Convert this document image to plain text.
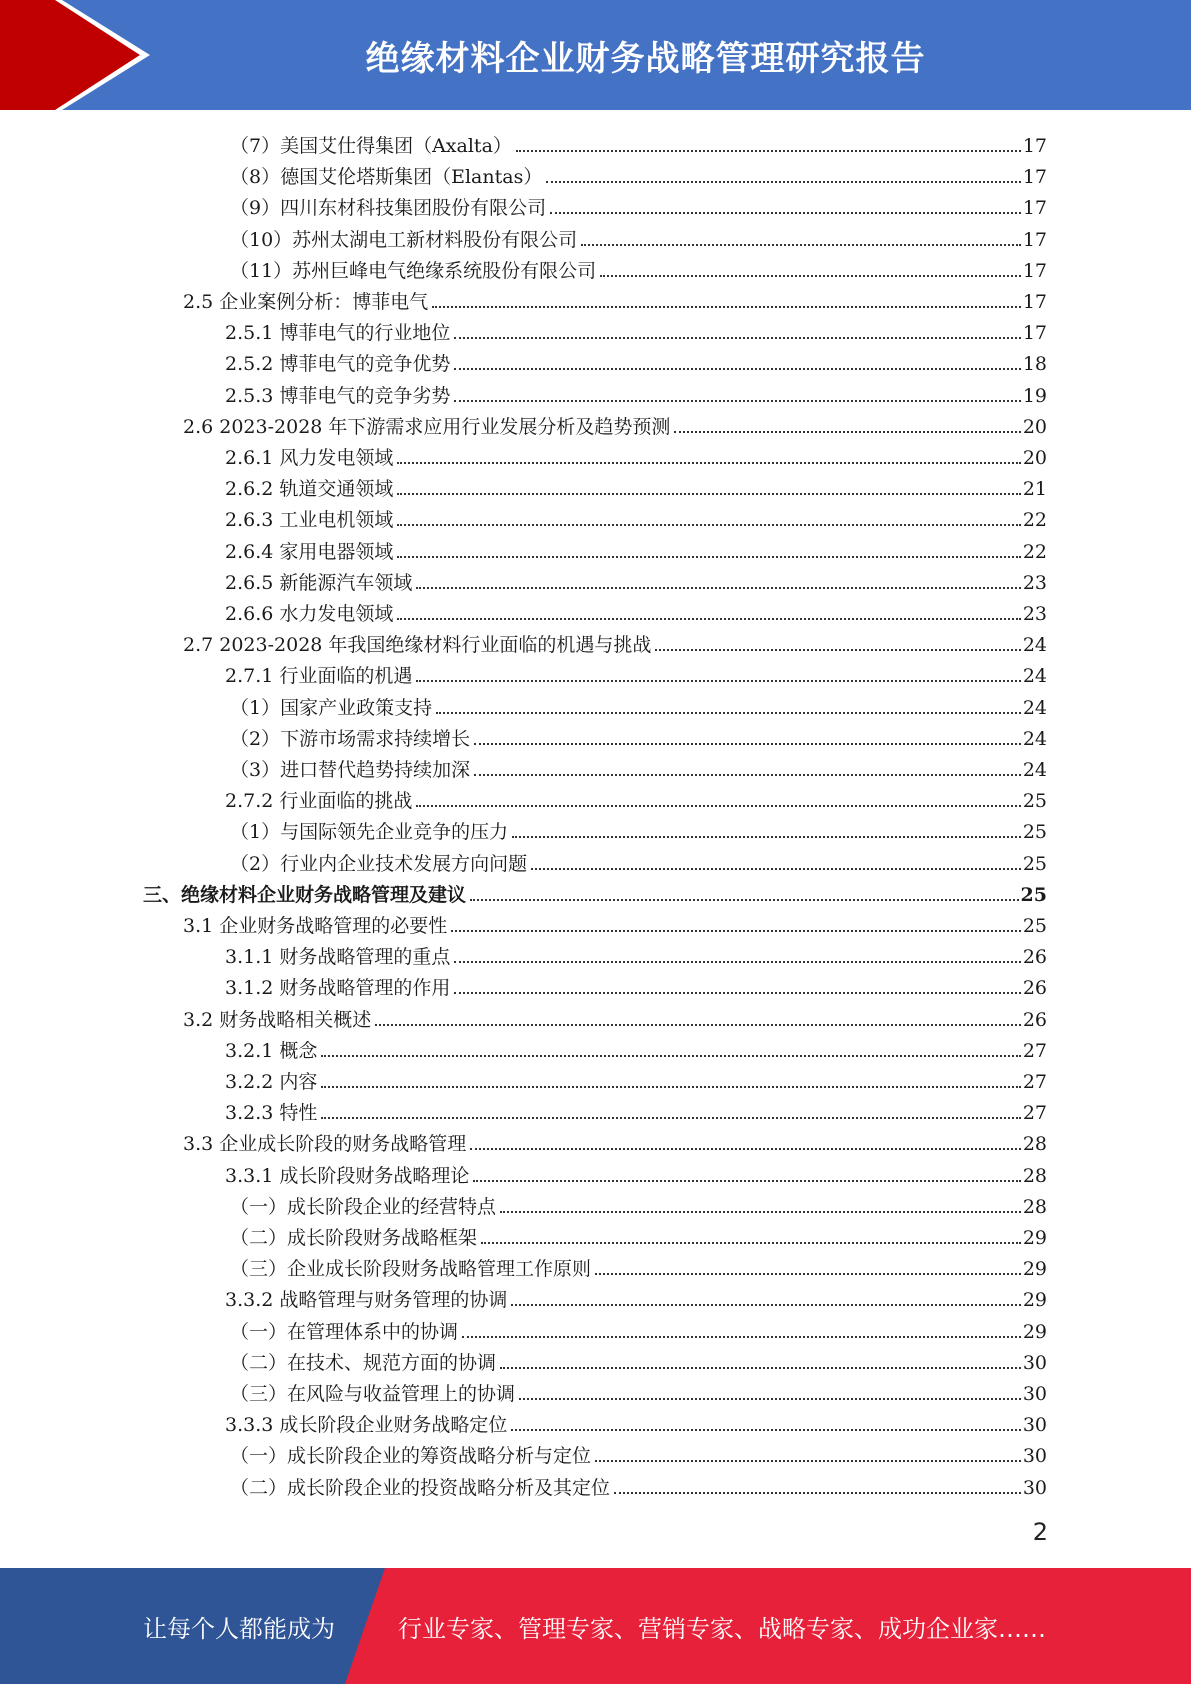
绝缘材料企业财务战略管理研究报告
（7）美国艾仕得集团（Axalta）	17
（8）德国艾伦塔斯集团（Elantas）	17
（9）四川东材科技集团股份有限公司	17
（10）苏州太湖电工新材料股份有限公司	17
（11）苏州巨峰电气绝缘系统股份有限公司	17
2.5 企业案例分析：博菲电气	17
2.5.1 博菲电气的行业地位	17
2.5.2 博菲电气的竞争优势	18
2.5.3 博菲电气的竞争劣势	19
2.6 2023-2028 年下游需求应用行业发展分析及趋势预测	20
2.6.1 风力发电领域	20
2.6.2 轨道交通领域	21
2.6.3 工业电机领域	22
2.6.4 家用电器领域	22
2.6.5 新能源汽车领域	23
2.6.6 水力发电领域	23
2.7 2023-2028 年我国绝缘材料行业面临的机遇与挑战	24
2.7.1 行业面临的机遇	24
（1）国家产业政策支持	24
（2）下游市场需求持续增长	24
（3）进口替代趋势持续加深	24
2.7.2 行业面临的挑战	25
（1）与国际领先企业竞争的压力	25
（2）行业内企业技术发展方向问题	25
三、绝缘材料企业财务战略管理及建议	25
3.1 企业财务战略管理的必要性	25
3.1.1 财务战略管理的重点	26
3.1.2 财务战略管理的作用	26
3.2 财务战略相关概述	26
3.2.1 概念	27
3.2.2 内容	27
3.2.3 特性	27
3.3 企业成长阶段的财务战略管理	28
3.3.1 成长阶段财务战略理论	28
（一）成长阶段企业的经营特点	28
（二）成长阶段财务战略框架	29
（三）企业成长阶段财务战略管理工作原则	29
3.3.2 战略管理与财务管理的协调	29
（一）在管理体系中的协调	29
（二）在技术、规范方面的协调	30
（三）在风险与收益管理上的协调	30
3.3.3 成长阶段企业财务战略定位	30
（一）成长阶段企业的筹资战略分析与定位	30
（二）成长阶段企业的投资战略分析及其定位	30
2
让每个人都能成为	行业专家、管理专家、营销专家、战略专家、成功企业家……
